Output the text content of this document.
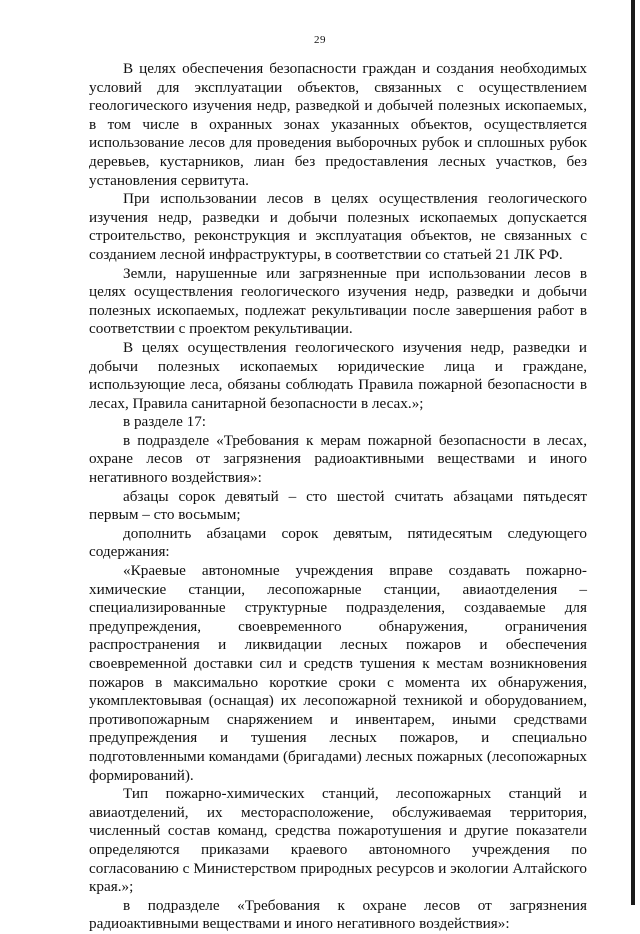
29

В целях обеспечения безопасности граждан и создания необходимых условий для эксплуатации объектов, связанных с осуществлением геологического изучения недр, разведкой и добычей полезных ископаемых, в том числе в охранных зонах указанных объектов, осуществляется использование лесов для проведения выборочных рубок и сплошных рубок деревьев, кустарников, лиан без предоставления лесных участков, без установления сервитута.

При использовании лесов в целях осуществления геологического изучения недр, разведки и добычи полезных ископаемых допускается строительство, реконструкция и эксплуатация объектов, не связанных с созданием лесной инфраструктуры, в соответствии со статьей 21 ЛК РФ.

Земли, нарушенные или загрязненные при использовании лесов в целях осуществления геологического изучения недр, разведки и добычи полезных ископаемых, подлежат рекультивации после завершения работ в соответствии с проектом рекультивации.

В целях осуществления геологического изучения недр, разведки и добычи полезных ископаемых юридические лица и граждане, использующие леса, обязаны соблюдать Правила пожарной безопасности в лесах, Правила санитарной безопасности в лесах.»;

в разделе 17:

в подразделе «Требования к мерам пожарной безопасности в лесах, охране лесов от загрязнения радиоактивными веществами и иного негативного воздействия»:

абзацы сорок девятый – сто шестой считать абзацами пятьдесят первым – сто восьмым;

дополнить абзацами сорок девятым, пятидесятым следующего содержания:

«Краевые автономные учреждения вправе создавать пожарно-химические станции, лесопожарные станции, авиаотделения – специализированные структурные подразделения, создаваемые для предупреждения, своевременного обнаружения, ограничения распространения и ликвидации лесных пожаров и обеспечения своевременной доставки сил и средств тушения к местам возникновения пожаров в максимально короткие сроки с момента их обнаружения, укомплектовывая (оснащая) их лесопожарной техникой и оборудованием, противопожарным снаряжением и инвентарем, иными средствами предупреждения и тушения лесных пожаров, и специально подготовленными командами (бригадами) лесных пожарных (лесопожарных формирований).

Тип пожарно-химических станций, лесопожарных станций и авиаотделений, их месторасположение, обслуживаемая территория, численный состав команд, средства пожаротушения и другие показатели определяются приказами краевого автономного учреждения по согласованию с Министерством природных ресурсов и экологии Алтайского края.»;

в подразделе «Требования к охране лесов от загрязнения радиоактивными веществами и иного негативного воздействия»:
